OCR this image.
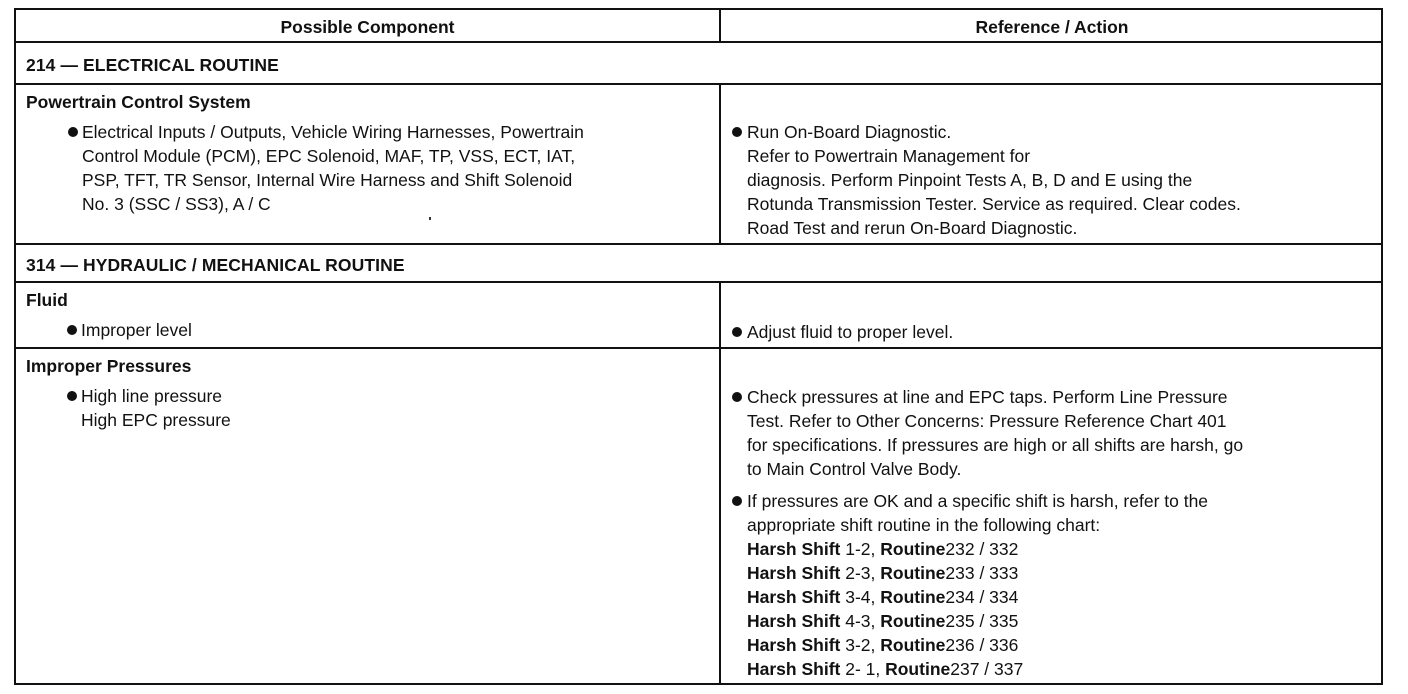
Possible Component	Reference / Action
214 — ELECTRICAL ROUTINE
Powertrain Control System
Electrical Inputs / Outputs, Vehicle Wiring Harnesses, Powertrain
Control Module (PCM), EPC Solenoid, MAF, TP, VSS, ECT, IAT,
PSP, TFT, TR Sensor, Internal Wire Harness and Shift Solenoid
No. 3 (SSC / SS3), A / C
Run On-Board Diagnostic.
Refer to Powertrain Management for
diagnosis. Perform Pinpoint Tests A, B, D and E using the
Rotunda Transmission Tester. Service as required. Clear codes.
Road Test and rerun On-Board Diagnostic.
314 — HYDRAULIC / MECHANICAL ROUTINE
Fluid
Improper level	Adjust fluid to proper level.
Improper Pressures
High line pressure
High EPC pressure
Check pressures at line and EPC taps. Perform Line Pressure
Test. Refer to Other Concerns: Pressure Reference Chart 401
for specifications. If pressures are high or all shifts are harsh, go
to Main Control Valve Body.
If pressures are OK and a specific shift is harsh, refer to the
appropriate shift routine in the following chart:
Harsh Shift 1-2, Routine232 / 332
Harsh Shift 2-3, Routine233 / 333
Harsh Shift 3-4, Routine234 / 334
Harsh Shift 4-3, Routine235 / 335
Harsh Shift 3-2, Routine236 / 336
Harsh Shift 2- 1, Routine237 / 337
